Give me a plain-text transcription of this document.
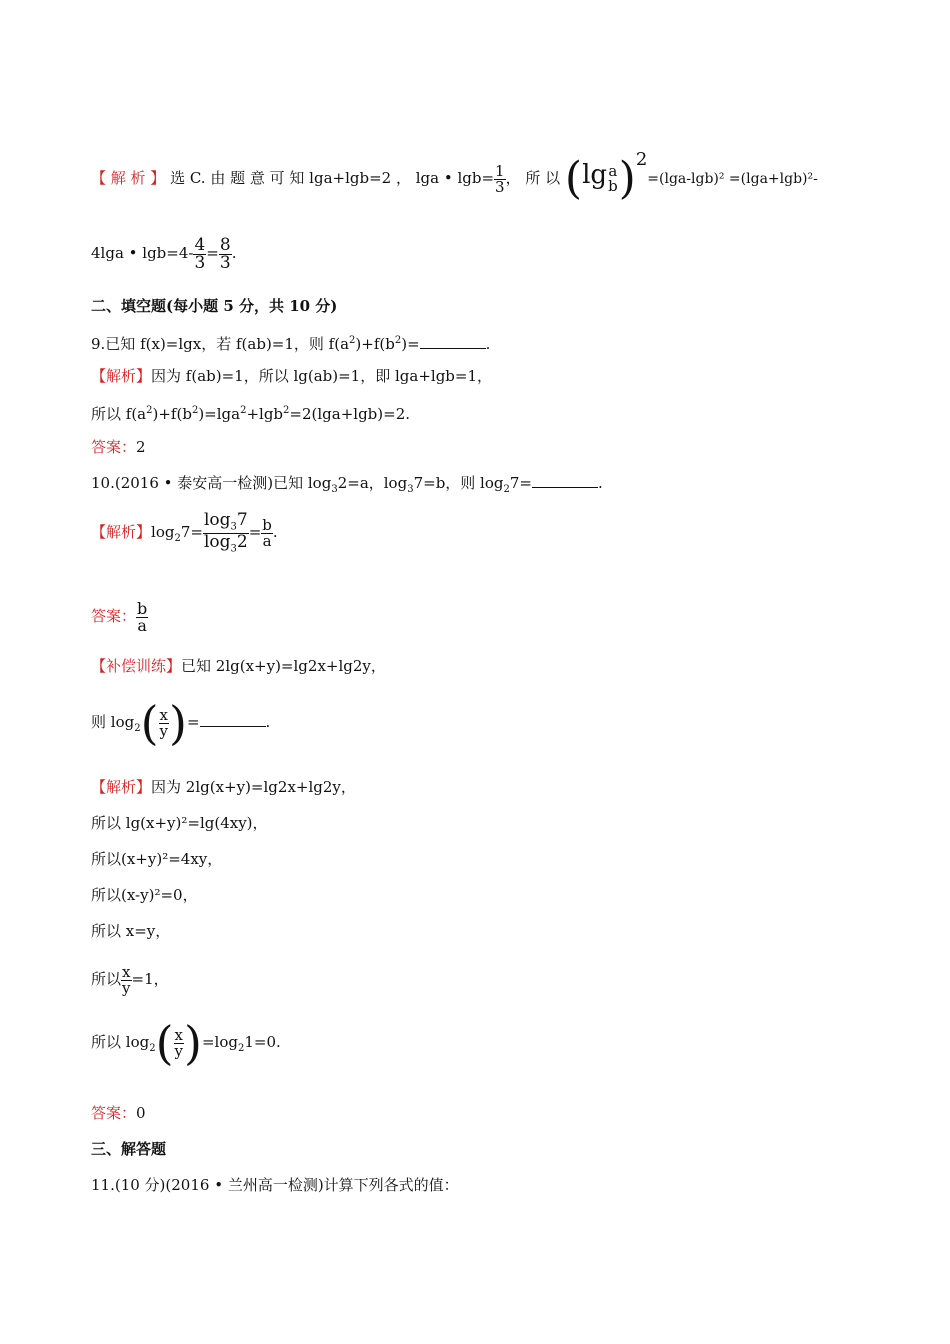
【 解 析 】 选 C. 由 题 意 可 知 lga+lgb=2 ， lga • $\lg b= \frac{1}{3}$ ， 所 以 (lg a
b )2=(lga-lgb)² =(lga+lgb)²-
4lga • $\lg b=4- \frac{4}{3} = \frac{8}{3}$ .
二、填空题(每小题 5 分，共 10 分)
9.已知 f(x)=lgx，若 f(ab)=1，则 $f(a^2)+f(b^2)=$	.
【解析】因为 f(ab)=1，所以 lg(ab)=1，即 lga+lgb=1，
所以 $f(a^2)+f(b^2)=\lg a^2+\lg b^2=2(\lg a+\lg b)=2$.
答案：2
10.(2016 • 泰安高一检测)已知 $\log_32=a$，$\log_37=b$，则 $\log_27=$	.
【解析】$\log_27= \frac{\log_37}{\log_32} = \frac{b}{a}$ .
答案： $\frac{b}{a}$
【补偿训练】已知 2lg(x+y)=lg2x+lg2y，
则 $\log_2( \frac{x}{y}$ )=	.
【解析】因为 2lg(x+y)=lg2x+lg2y，
所以 lg(x+y)²=lg(4xy)，
所以(x+y)²=4xy，
所以(x-y)²=0，
所以 x=y，
所以 $\frac{x}{y} =1$，
所以 $\log_2( \frac{x}{y} )=\log_21=0$.
答案：0
三、解答题
11.(10 分)(2016 • 兰州高一检测)计算下列各式的值：
